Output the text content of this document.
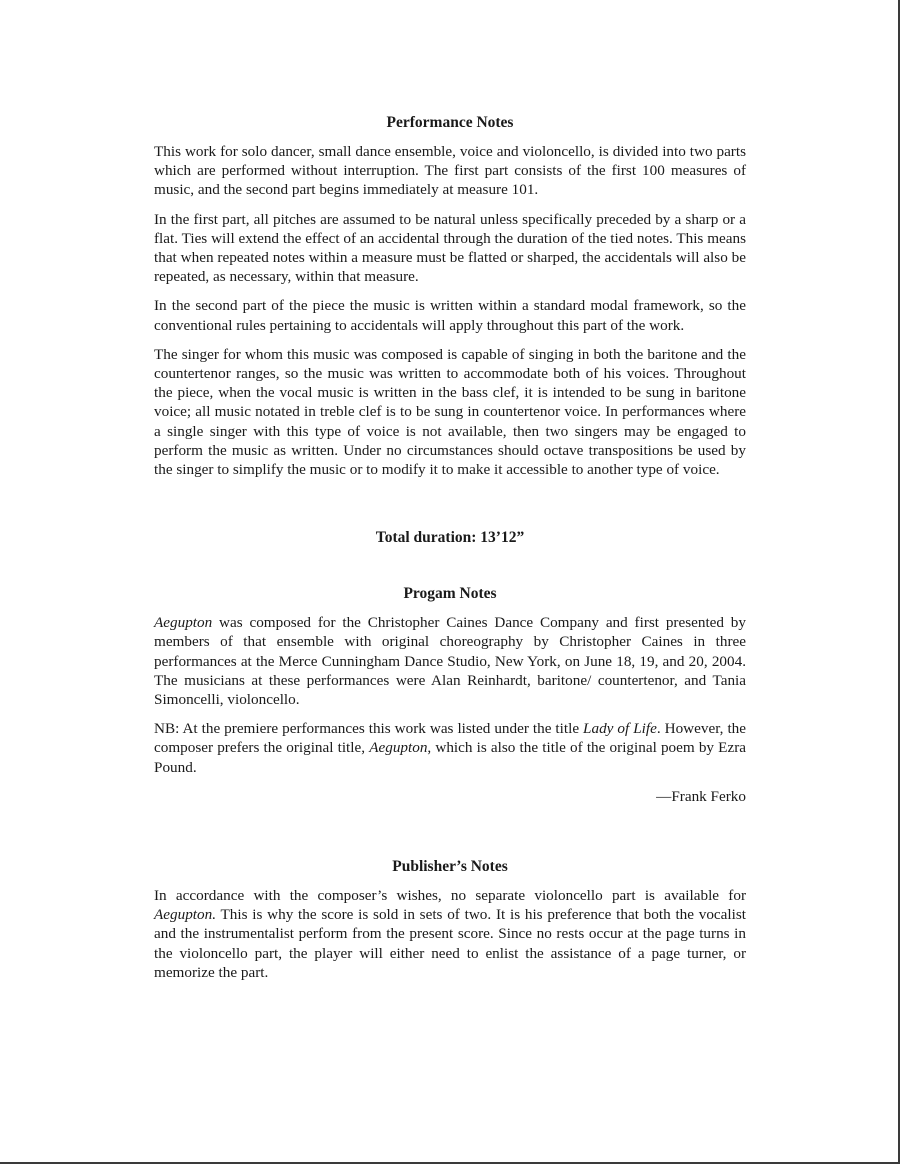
Performance Notes

This work for solo dancer, small dance ensemble, voice and violoncello, is divided into two parts which are performed without interruption. The first part consists of the first 100 measures of music, and the second part begins immediately at measure 101.

In the first part, all pitches are assumed to be natural unless specifically preceded by a sharp or a flat. Ties will extend the effect of an accidental through the duration of the tied notes. This means that when repeated notes within a measure must be flatted or sharped, the accidentals will also be repeated, as necessary, within that measure.

In the second part of the piece the music is written within a standard modal framework, so the conventional rules pertaining to accidentals will apply throughout this part of the work.

The singer for whom this music was composed is capable of singing in both the baritone and the countertenor ranges, so the music was written to accommodate both of his voices. Throughout the piece, when the vocal music is written in the bass clef, it is intended to be sung in baritone voice; all music notated in treble clef is to be sung in countertenor voice. In performances where a single singer with this type of voice is not available, then two singers may be engaged to perform the music as written. Under no circumstances should octave transpositions be used by the singer to simplify the music or to modify it to make it accessible to another type of voice.

Total duration: 13’12”
Progam Notes

Aegupton was composed for the Christopher Caines Dance Company and first presented by members of that ensemble with original choreography by Christopher Caines in three performances at the Merce Cunningham Dance Studio, New York, on June 18, 19, and 20, 2004. The musicians at these performances were Alan Reinhardt, baritone/ countertenor, and Tania Simoncelli, violoncello.

NB: At the premiere performances this work was listed under the title Lady of Life. However, the composer prefers the original title, Aegupton, which is also the title of the original poem by Ezra Pound.

—Frank Ferko

Publisher’s Notes

In accordance with the composer’s wishes, no separate violoncello part is available for Aegupton. This is why the score is sold in sets of two. It is his preference that both the vocalist and the instrumentalist perform from the present score. Since no rests occur at the page turns in the violoncello part, the player will either need to enlist the assistance of a page turner, or memorize the part.
